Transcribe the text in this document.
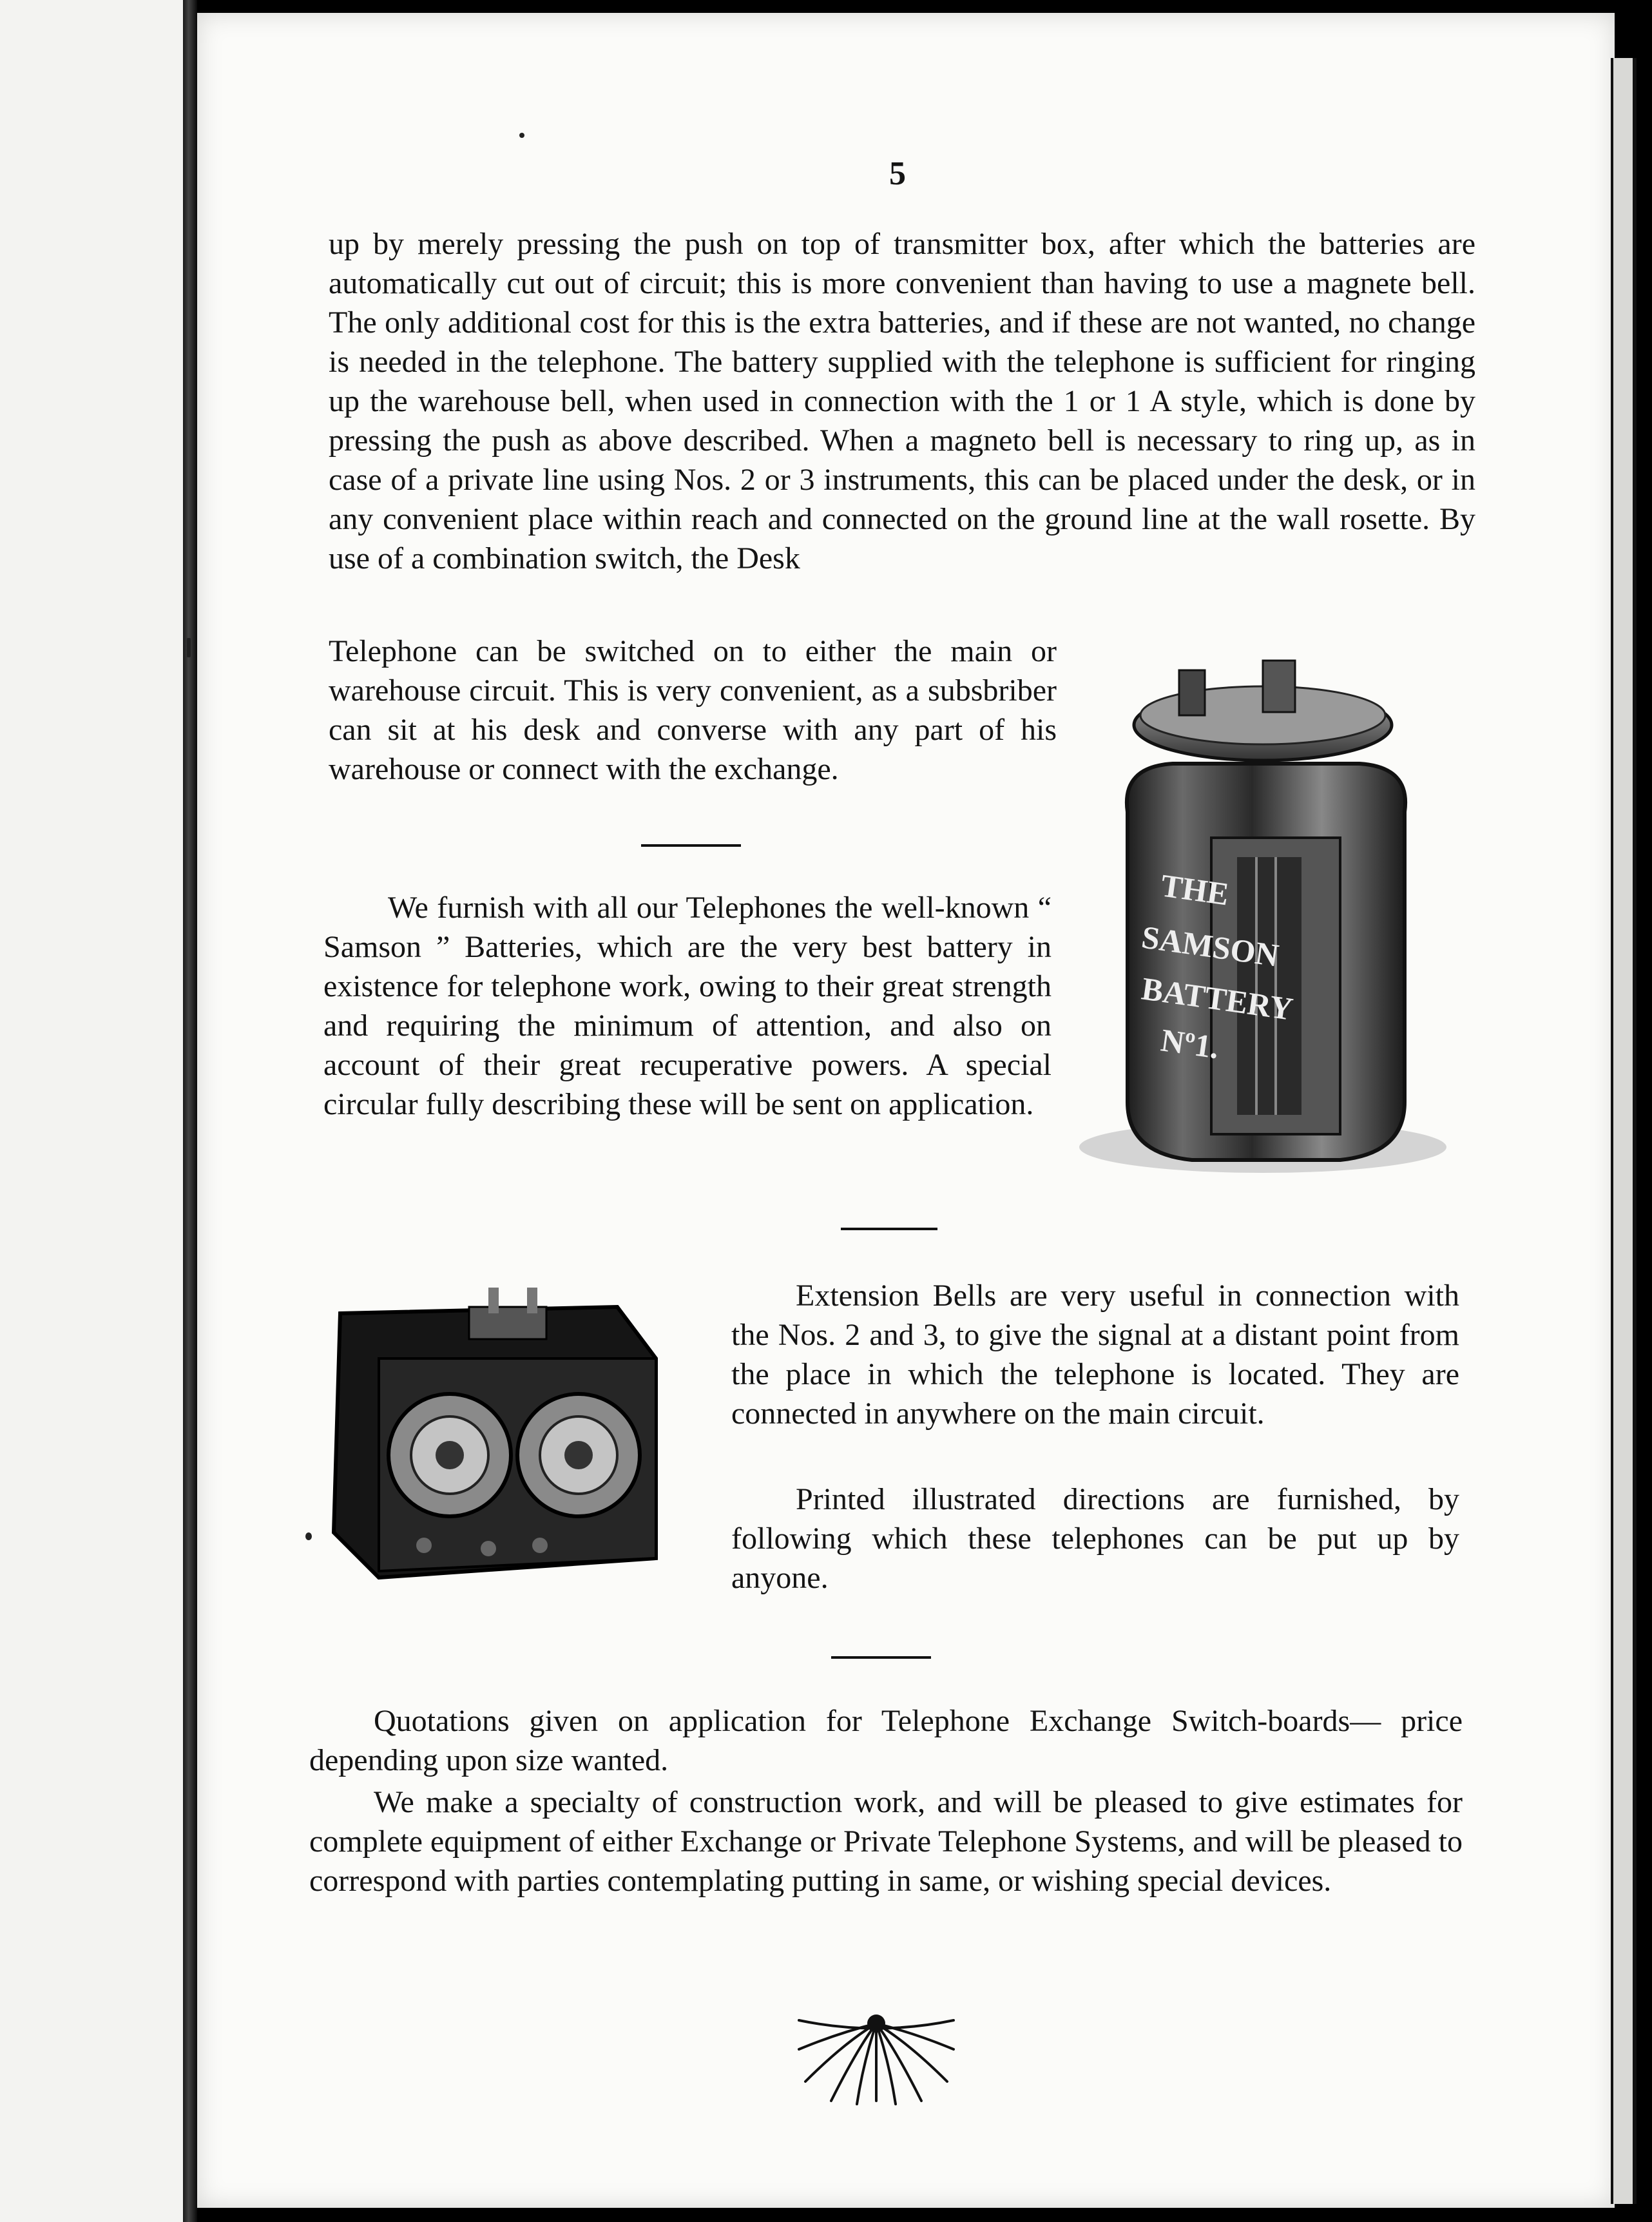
5

up by merely pressing the push on top of transmitter box, after which the batteries are automatically cut out of circuit; this is more convenient than having to use a magnete bell. The only additional cost for this is the extra batteries, and if these are not wanted, no change is needed in the telephone. The battery supplied with the telephone is sufficient for ringing up the warehouse bell, when used in connection with the 1 or 1 A style, which is done by pressing the push as above described. When a magneto bell is necessary to ring up, as in case of a private line using Nos. 2 or 3 instruments, this can be placed under the desk, or in any convenient place within reach and connected on the ground line at the wall rosette. By use of a combination switch, the Desk

Telephone can be switched on to either the main or warehouse circuit. This is very convenient, as a subsbriber can sit at his desk and converse with any part of his warehouse or connect with the exchange.

We furnish with all our Telephones the well-known “ Samson ” Batteries, which are the very best battery in existence for telephone work, owing to their great strength and requiring the minimum of attention, and also on account of their great recuperative powers. A special circular fully describing these will be sent on application.

THE
SAMSON
BATTERY
Nº1.

Extension Bells are very useful in connection with the Nos. 2 and 3, to give the signal at a distant point from the place in which the telephone is located. They are connected in anywhere on the main circuit.

Printed illustrated directions are furnished, by following which these telephones can be put up by anyone.

Quotations given on application for Telephone Exchange Switch-boards— price depending upon size wanted.

We make a specialty of construction work, and will be pleased to give estimates for complete equipment of either Exchange or Private Telephone Systems, and will be pleased to correspond with parties contemplating putting in same, or wishing special devices.
